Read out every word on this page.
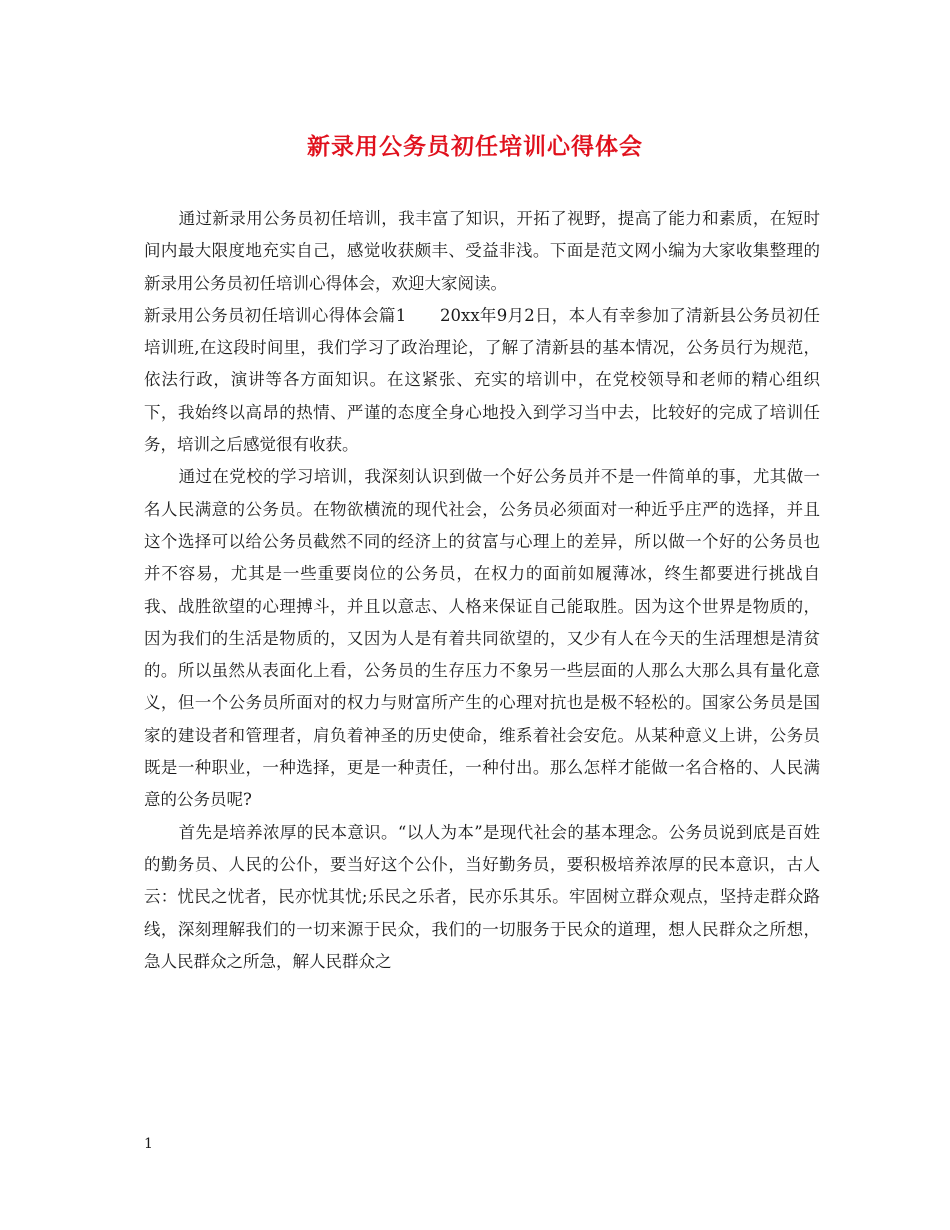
新录用公务员初任培训心得体会

通过新录用公务员初任培训，我丰富了知识，开拓了视野，提高了能力和素质，在短时间内最大限度地充实自己，感觉收获颇丰、受益非浅。下面是范文网小编为大家收集整理的新录用公务员初任培训心得体会，欢迎大家阅读。

新录用公务员初任培训心得体会篇1　　20xx年9月2日，本人有幸参加了清新县公务员初任培训班,在这段时间里，我们学习了政治理论，了解了清新县的基本情况，公务员行为规范，依法行政，演讲等各方面知识。在这紧张、充实的培训中，在党校领导和老师的精心组织下，我始终以高昂的热情、严谨的态度全身心地投入到学习当中去，比较好的完成了培训任务，培训之后感觉很有收获。

通过在党校的学习培训，我深刻认识到做一个好公务员并不是一件简单的事，尤其做一名人民满意的公务员。在物欲横流的现代社会，公务员必须面对一种近乎庄严的选择，并且这个选择可以给公务员截然不同的经济上的贫富与心理上的差异，所以做一个好的公务员也并不容易，尤其是一些重要岗位的公务员，在权力的面前如履薄冰，终生都要进行挑战自我、战胜欲望的心理搏斗，并且以意志、人格来保证自己能取胜。因为这个世界是物质的，因为我们的生活是物质的，又因为人是有着共同欲望的，又少有人在今天的生活理想是清贫的。所以虽然从表面化上看，公务员的生存压力不象另一些层面的人那么大那么具有量化意义，但一个公务员所面对的权力与财富所产生的心理对抗也是极不轻松的。国家公务员是国家的建设者和管理者，肩负着神圣的历史使命，维系着社会安危。从某种意义上讲，公务员既是一种职业，一种选择，更是一种责任，一种付出。那么怎样才能做一名合格的、人民满意的公务员呢?

首先是培养浓厚的民本意识。“以人为本”是现代社会的基本理念。公务员说到底是百姓的勤务员、人民的公仆，要当好这个公仆，当好勤务员，要积极培养浓厚的民本意识，古人云：忧民之忧者，民亦忧其忧;乐民之乐者，民亦乐其乐。牢固树立群众观点，坚持走群众路线，深刻理解我们的一切来源于民众，我们的一切服务于民众的道理，想人民群众之所想，急人民群众之所急，解人民群众之

1
